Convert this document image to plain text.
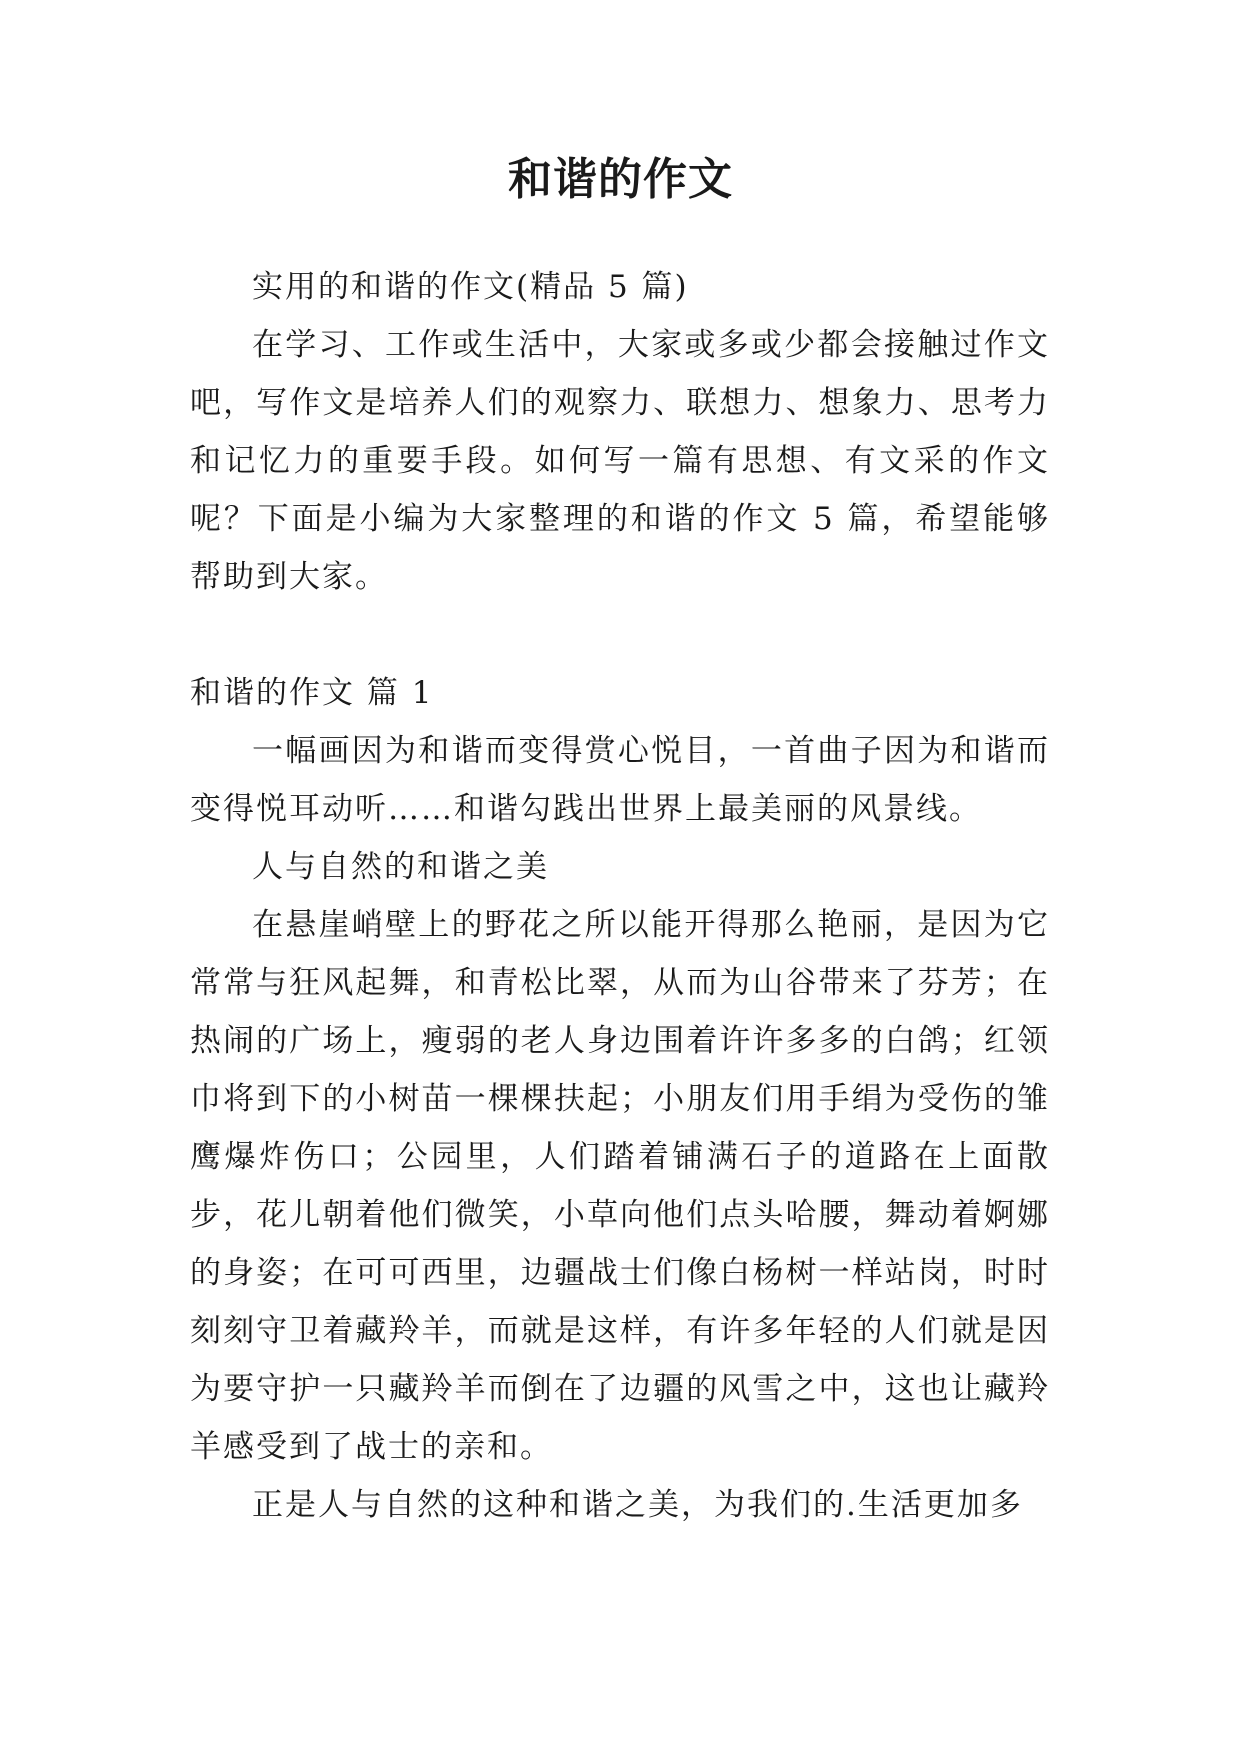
和谐的作文

实用的和谐的作文(精品 5 篇)

在学习、工作或生活中，大家或多或少都会接触过作文吧，写作文是培养人们的观察力、联想力、想象力、思考力和记忆力的重要手段。如何写一篇有思想、有文采的作文呢？下面是小编为大家整理的和谐的作文 5 篇，希望能够帮助到大家。

和谐的作文 篇 1

一幅画因为和谐而变得赏心悦目，一首曲子因为和谐而变得悦耳动听……和谐勾践出世界上最美丽的风景线。

人与自然的和谐之美

在悬崖峭壁上的野花之所以能开得那么艳丽，是因为它常常与狂风起舞，和青松比翠，从而为山谷带来了芬芳；在热闹的广场上，瘦弱的老人身边围着许许多多的白鸽；红领巾将到下的小树苗一棵棵扶起；小朋友们用手绢为受伤的雏鹰爆炸伤口；公园里，人们踏着铺满石子的道路在上面散步，花儿朝着他们微笑，小草向他们点头哈腰，舞动着婀娜的身姿；在可可西里，边疆战士们像白杨树一样站岗，时时刻刻守卫着藏羚羊，而就是这样，有许多年轻的人们就是因为要守护一只藏羚羊而倒在了边疆的风雪之中，这也让藏羚羊感受到了战士的亲和。

正是人与自然的这种和谐之美，为我们的.生活更加多
